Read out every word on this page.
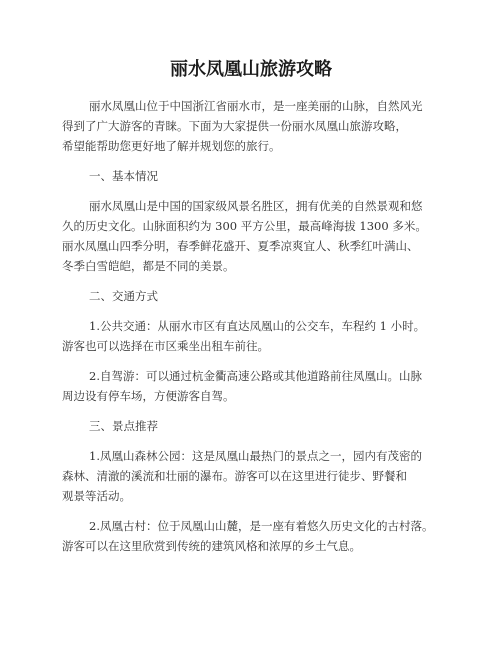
丽水凤凰山旅游攻略

丽水凤凰山位于中国浙江省丽水市，是一座美丽的山脉，自然风光
得到了广大游客的青睐。下面为大家提供一份丽水凤凰山旅游攻略，
希望能帮助您更好地了解并规划您的旅行。

一、基本情况

丽水凤凰山是中国的国家级风景名胜区，拥有优美的自然景观和悠
久的历史文化。山脉面积约为 300 平方公里，最高峰海拔 1300 多米。
丽水凤凰山四季分明，春季鲜花盛开、夏季凉爽宜人、秋季红叶满山、
冬季白雪皑皑，都是不同的美景。

二、交通方式

1.公共交通：从丽水市区有直达凤凰山的公交车，车程约 1 小时。
游客也可以选择在市区乘坐出租车前往。

2.自驾游：可以通过杭金衢高速公路或其他道路前往凤凰山。山脉
周边设有停车场，方便游客自驾。

三、景点推荐

1.凤凰山森林公园：这是凤凰山最热门的景点之一，园内有茂密的
森林、清澈的溪流和壮丽的瀑布。游客可以在这里进行徒步、野餐和
观景等活动。

2.凤凰古村：位于凤凰山山麓，是一座有着悠久历史文化的古村落。
游客可以在这里欣赏到传统的建筑风格和浓厚的乡土气息。
